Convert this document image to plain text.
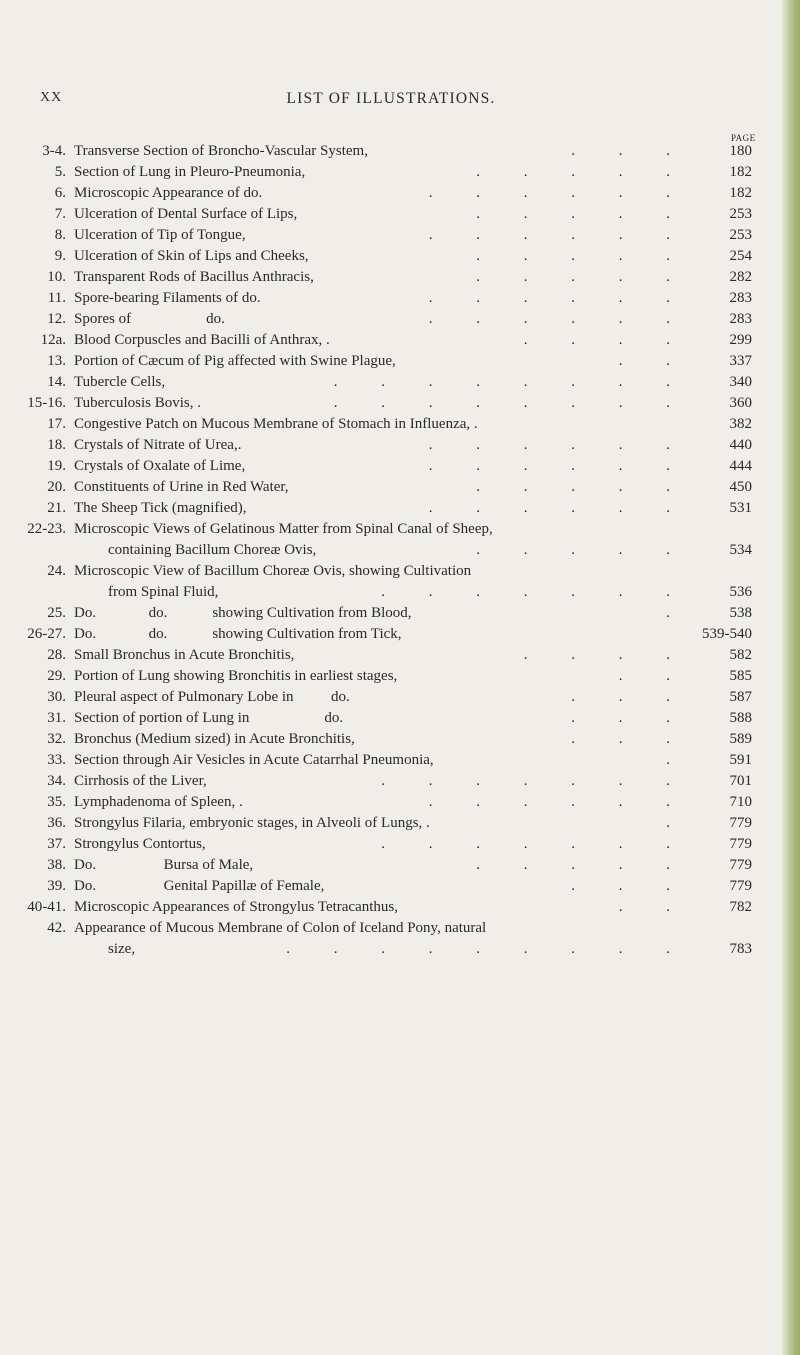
XX	LIST OF ILLUSTRATIONS.
PAGE
3-4. Transverse Section of Broncho-Vascular System,	. . .	180
5. Section of Lung in Pleuro-Pneumonia,	. . . . .	182
6. Microscopic Appearance of do.	. . . . . .	182
7. Ulceration of Dental Surface of Lips,	. . . . .	253
8. Ulceration of Tip of Tongue,	. . . . . .	253
9. Ulceration of Skin of Lips and Cheeks,	. . . . .	254
10. Transparent Rods of Bacillus Anthracis,	. . . . .	282
11. Spore-bearing Filaments of do.	. . . . . .	283
12. Spores of                    do.	. . . . . .	283
12a. Blood Corpuscles and Bacilli of Anthrax, .	. . . .	299
13. Portion of Cæcum of Pig affected with Swine Plague,	. .	337
14. Tubercle Cells,	. . . . . . . .	340
15-16. Tuberculosis Bovis, .	. . . . . . . .	360
17. Congestive Patch on Mucous Membrane of Stomach in Influenza, .	382
18. Crystals of Nitrate of Urea,.	. . . . . .	440
19. Crystals of Oxalate of Lime,	. . . . . .	444
20. Constituents of Urine in Red Water,	. . . . .	450
21. The Sheep Tick (magnified),	. . . . . .	531
22-23. Microscopic Views of Gelatinous Matter from Spinal Canal of Sheep,
containing Bacillum Choreæ Ovis,	. . . . .	534
24. Microscopic View of Bacillum Choreæ Ovis, showing Cultivation
from Spinal Fluid,	. . . . . . .	536
25. Do.              do.            showing Cultivation from Blood,	.	538
26-27. Do.              do.            showing Cultivation from Tick,	539-540
28. Small Bronchus in Acute Bronchitis,	. . . .	582
29. Portion of Lung showing Bronchitis in earliest stages,	. .	585
30. Pleural aspect of Pulmonary Lobe in          do.	. . .	587
31. Section of portion of Lung in                    do.	. . .	588
32. Bronchus (Medium sized) in Acute Bronchitis,	. . .	589
33. Section through Air Vesicles in Acute Catarrhal Pneumonia,	.	591
34. Cirrhosis of the Liver,	. . . . . . .	701
35. Lymphadenoma of Spleen, .	. . . . . .	710
36. Strongylus Filaria, embryonic stages, in Alveoli of Lungs, .	.	779
37. Strongylus Contortus,	. . . . . . .	779
38. Do.                  Bursa of Male,	. . . . .	779
39. Do.                  Genital Papillæ of Female,	. . .	779
40-41. Microscopic Appearances of Strongylus Tetracanthus,	. .	782
42. Appearance of Mucous Membrane of Colon of Iceland Pony, natural
size,	. . . . . . . . .	783
